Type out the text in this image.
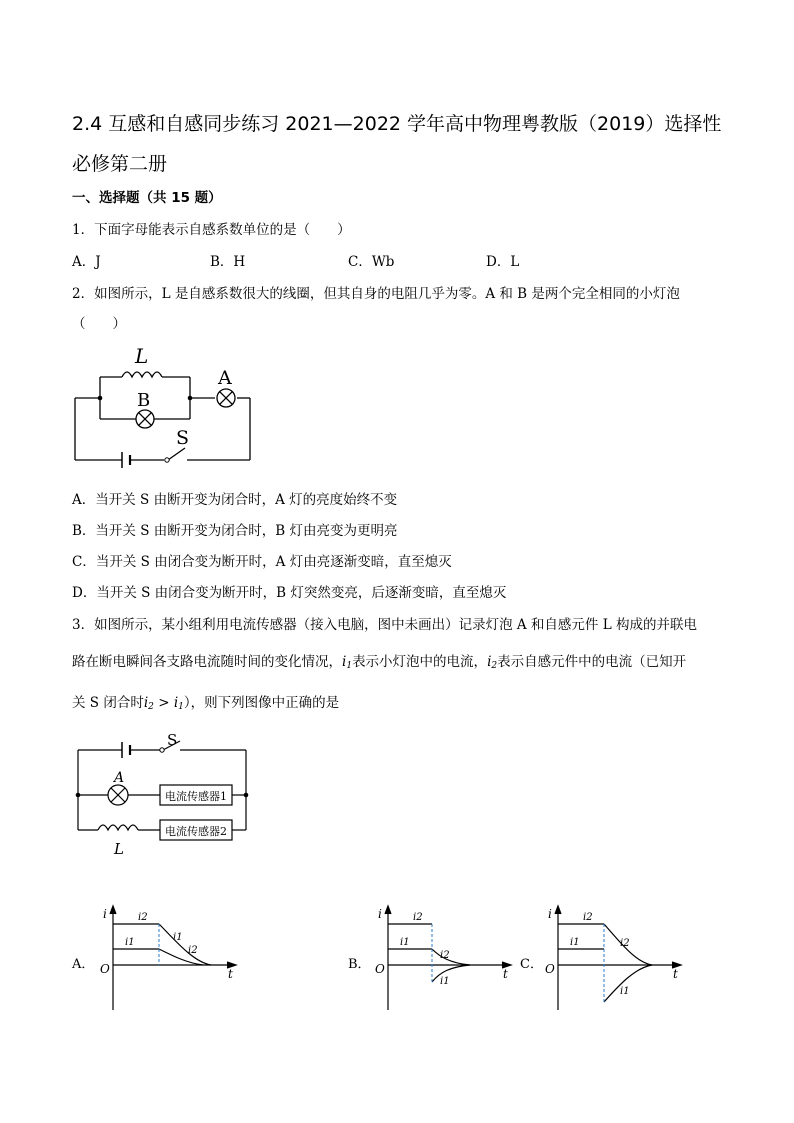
2.4 互感和自感同步练习 2021—2022 学年高中物理粤教版（2019）选择性必修第二册
一、选择题（共 15 题）
1．下面字母能表示自感系数单位的是（　　）
A．J	B．H	C．Wb	D．L
2．如图所示，L 是自感系数很大的线圈，但其自身的电阻几乎为零。A 和 B 是两个完全相同的小灯泡
（　　）
L
A
B
S
A．当开关 S 由断开变为闭合时，A 灯的亮度始终不变
B．当开关 S 由断开变为闭合时，B 灯由亮变为更明亮
C．当开关 S 由闭合变为断开时，A 灯由亮逐渐变暗，直至熄灭
D．当开关 S 由闭合变为断开时，B 灯突然变亮，后逐渐变暗，直至熄灭
3．如图所示，某小组利用电流传感器（接入电脑，图中未画出）记录灯泡 A 和自感元件 L 构成的并联电
路在断电瞬间各支路电流随时间的变化情况，$i_1$表示小灯泡中的电流，$i_2$表示自感元件中的电流（已知开
关 S 闭合时$i_2 > i_1$），则下列图像中正确的是
S
A
L
电流传感器1
电流传感器2
A．
i
O	t
i2
i1	i1
i2
B．
i
O	t
i2
i1
i2
i1
C．
i
O	t
i2
i1	i2
i1
